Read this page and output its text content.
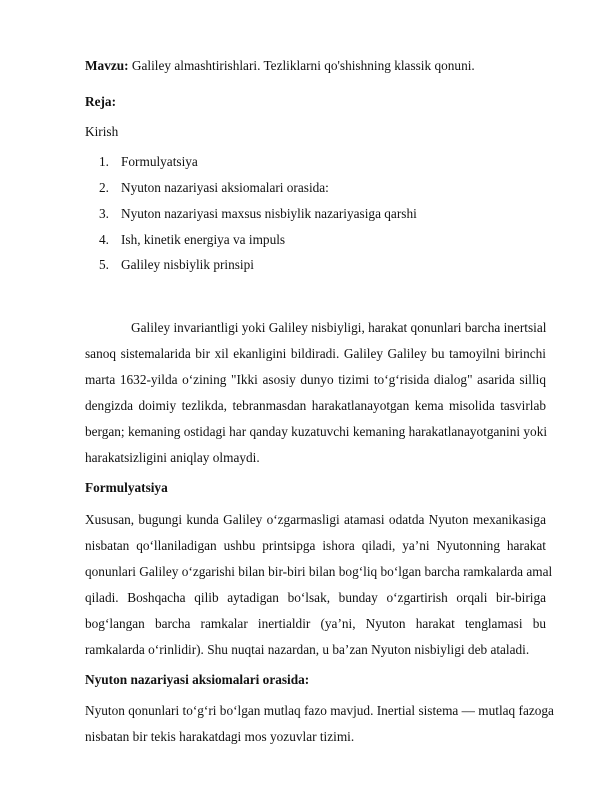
Mavzu: Galiley almashtirishlari. Tezliklarni qo'shishning klassik qonuni.
Reja:
Kirish
1. Formulyatsiya
2. Nyuton nazariyasi aksiomalari orasida:
3. Nyuton nazariyasi maxsus nisbiylik nazariyasiga qarshi
4. Ish, kinetik energiya va impuls
5. Galiley nisbiylik prinsipi
Galiley invariantligi yoki Galiley nisbiyligi, harakat qonunlari barcha inertsial
sanoq sistemalarida bir xil ekanligini bildiradi. Galiley Galiley bu tamoyilni birinchi
marta 1632-yilda o‘zining "Ikki asosiy dunyo tizimi to‘g‘risida dialog" asarida silliq
dengizda doimiy tezlikda, tebranmasdan harakatlanayotgan kema misolida tasvirlab
bergan; kemaning ostidagi har qanday kuzatuvchi kemaning harakatlanayotganini yoki
harakatsizligini aniqlay olmaydi.
Formulyatsiya
Xususan, bugungi kunda Galiley o‘zgarmasligi atamasi odatda Nyuton mexanikasiga
nisbatan qo‘llaniladigan ushbu printsipga ishora qiladi, ya’ni Nyutonning harakat
qonunlari Galiley o‘zgarishi bilan bir-biri bilan bog‘liq bo‘lgan barcha ramkalarda amal
qiladi. Boshqacha qilib aytadigan bo‘lsak, bunday o‘zgartirish orqali bir-biriga
bog‘langan barcha ramkalar inertialdir (ya’ni, Nyuton harakat tenglamasi bu
ramkalarda o‘rinlidir). Shu nuqtai nazardan, u ba’zan Nyuton nisbiyligi deb ataladi.
Nyuton nazariyasi aksiomalari orasida:
Nyuton qonunlari to‘g‘ri bo‘lgan mutlaq fazo mavjud. Inertial sistema — mutlaq fazoga
nisbatan bir tekis harakatdagi mos yozuvlar tizimi.
